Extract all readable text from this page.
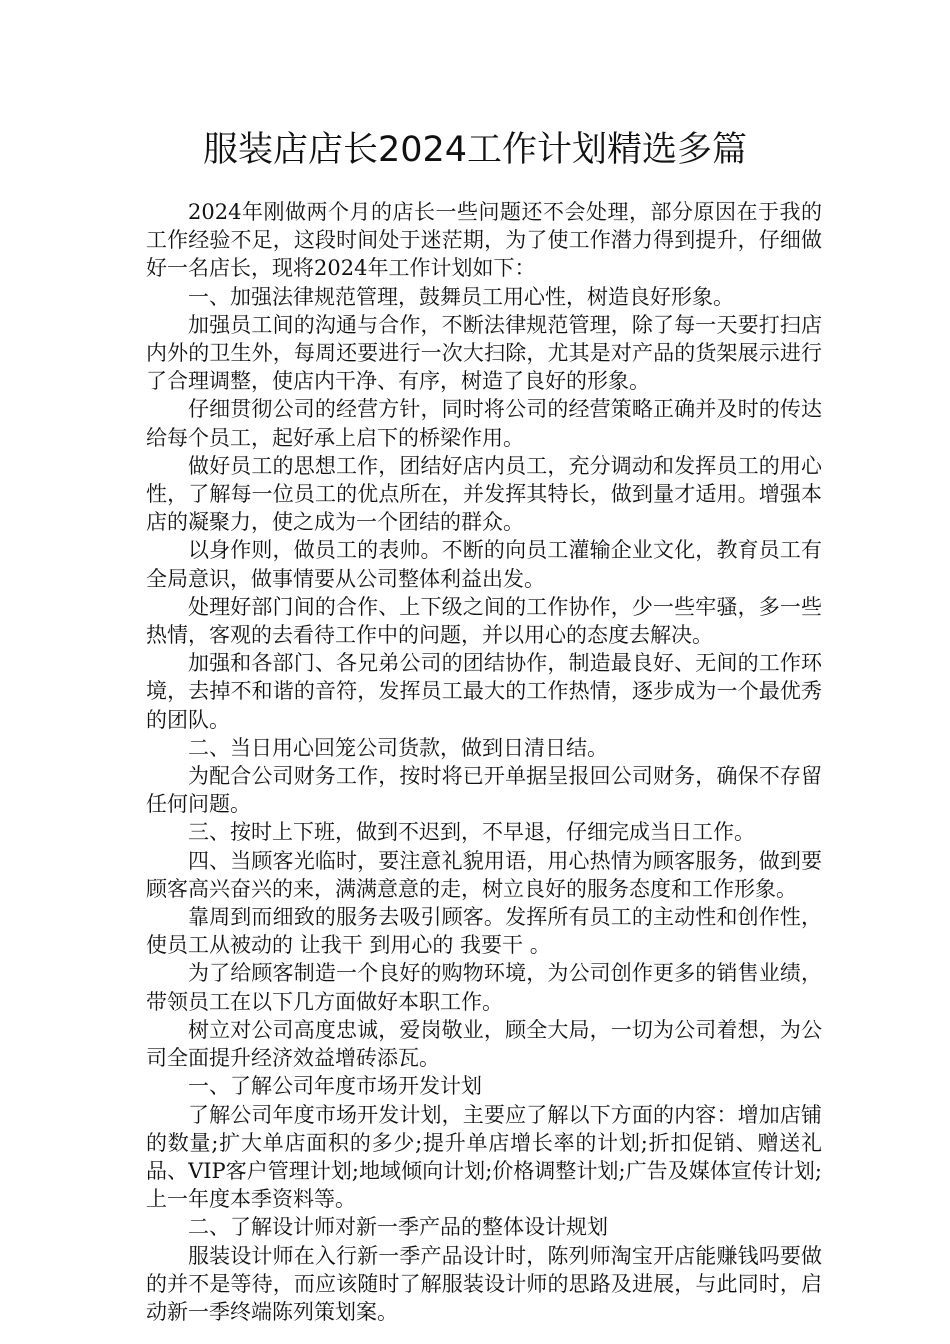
服装店店长2024工作计划精选多篇

2024年刚做两个月的店长一些问题还不会处理，部分原因在于我的工作经验不足，这段时间处于迷茫期，为了使工作潜力得到提升，仔细做好一名店长，现将2024年工作计划如下：

一、加强法律规范管理，鼓舞员工用心性，树造良好形象。

加强员工间的沟通与合作，不断法律规范管理，除了每一天要打扫店内外的卫生外，每周还要进行一次大扫除，尤其是对产品的货架展示进行了合理调整，使店内干净、有序，树造了良好的形象。

仔细贯彻公司的经营方针，同时将公司的经营策略正确并及时的传达给每个员工，起好承上启下的桥梁作用。

做好员工的思想工作，团结好店内员工，充分调动和发挥员工的用心性，了解每一位员工的优点所在，并发挥其特长，做到量才适用。增强本店的凝聚力，使之成为一个团结的群众。

以身作则，做员工的表帅。不断的向员工灌输企业文化，教育员工有全局意识，做事情要从公司整体利益出发。

处理好部门间的合作、上下级之间的工作协作，少一些牢骚，多一些热情，客观的去看待工作中的问题，并以用心的态度去解决。

加强和各部门、各兄弟公司的团结协作，制造最良好、无间的工作环境，去掉不和谐的音符，发挥员工最大的工作热情，逐步成为一个最优秀的团队。

二、当日用心回笼公司货款，做到日清日结。

为配合公司财务工作，按时将已开单据呈报回公司财务，确保不存留任何问题。

三、按时上下班，做到不迟到，不早退，仔细完成当日工作。

四、当顾客光临时，要注意礼貌用语，用心热情为顾客服务，做到要顾客高兴奋兴的来，满满意意的走，树立良好的服务态度和工作形象。

靠周到而细致的服务去吸引顾客。发挥所有员工的主动性和创作性，使员工从被动的 让我干 到用心的 我要干 。

为了给顾客制造一个良好的购物环境，为公司创作更多的销售业绩，带领员工在以下几方面做好本职工作。

树立对公司高度忠诚，爱岗敬业，顾全大局，一切为公司着想，为公司全面提升经济效益增砖添瓦。

一、了解公司年度市场开发计划

了解公司年度市场开发计划，主要应了解以下方面的内容：增加店铺的数量;扩大单店面积的多少;提升单店增长率的计划;折扣促销、赠送礼品、VIP客户管理计划;地域倾向计划;价格调整计划;广告及媒体宣传计划;上一年度本季资料等。

二、了解设计师对新一季产品的整体设计规划

服装设计师在入行新一季产品设计时，陈列师淘宝开店能赚钱吗要做的并不是等待，而应该随时了解服装设计师的思路及进展，与此同时，启动新一季终端陈列策划案。
